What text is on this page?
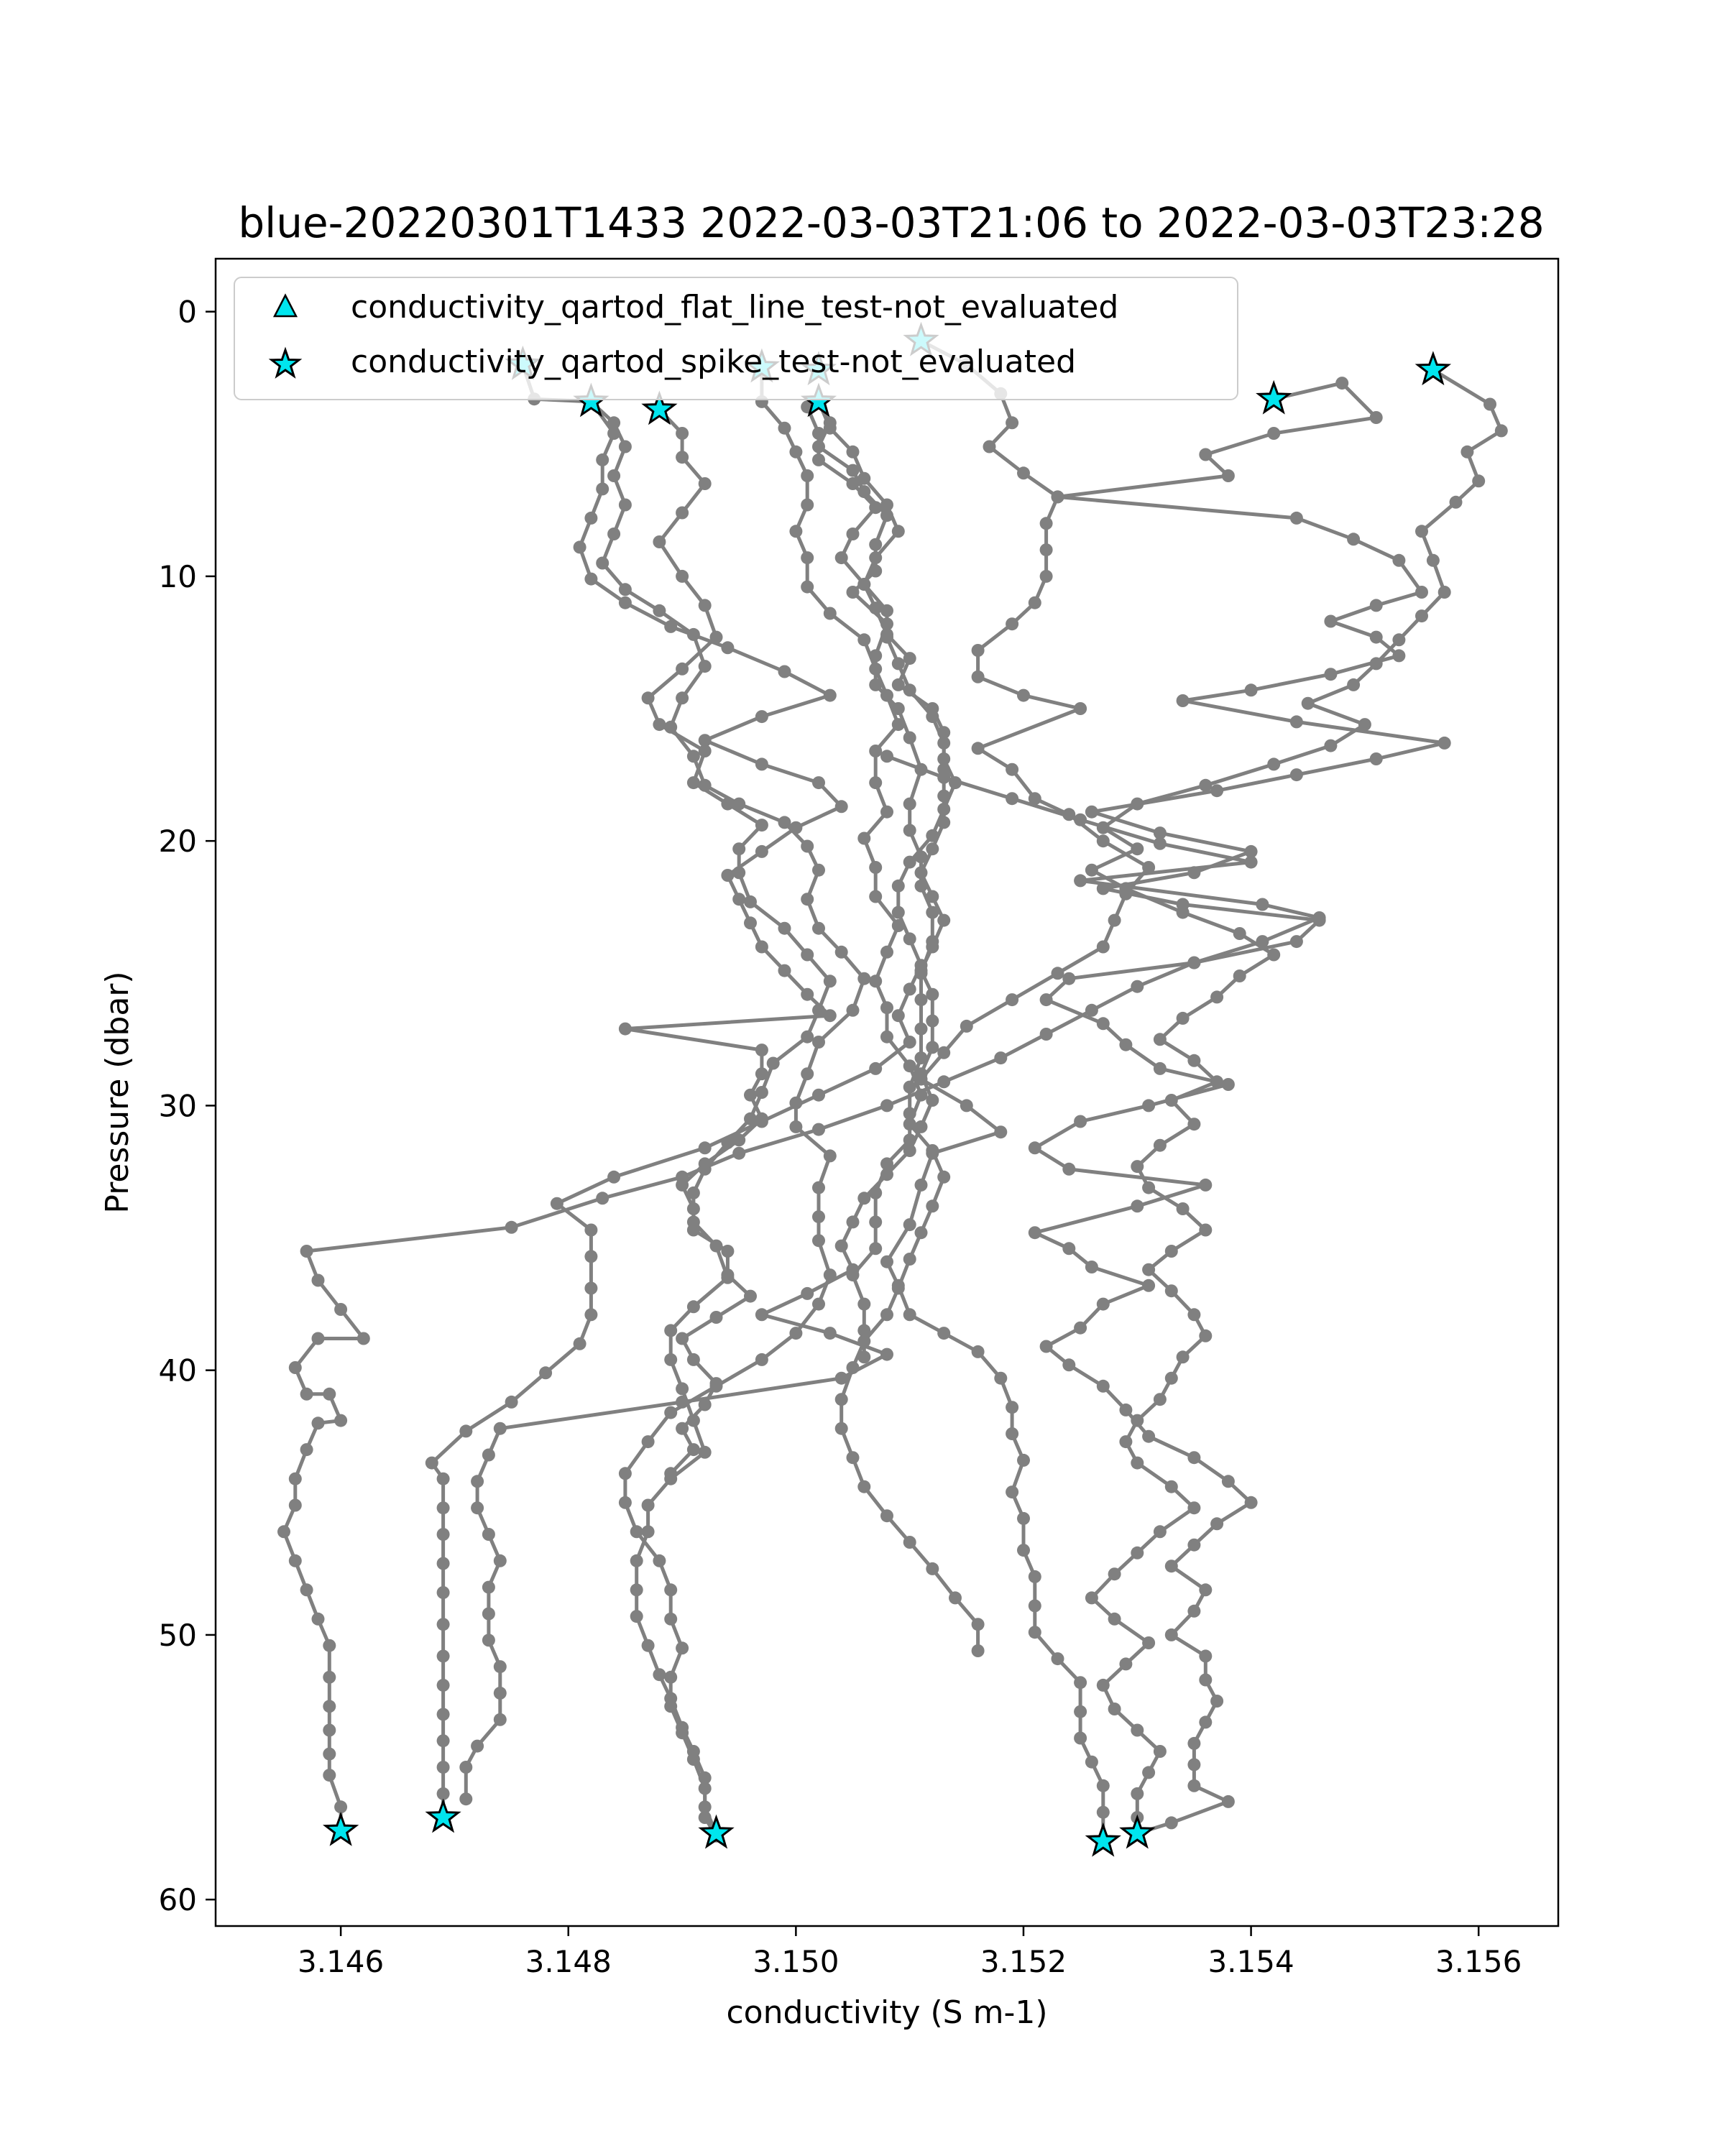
blue-20220301T1433 2022-03-03T21:06 to 2022-03-03T23:28
3.146	3.148	3.150	3.152	3.154	3.156
0
10
20
30
40
50
60
conductivity (S m-1)
Pressure (dbar)
conductivity_qartod_flat_line_test-not_evaluated
conductivity_qartod_spike_test-not_evaluated
